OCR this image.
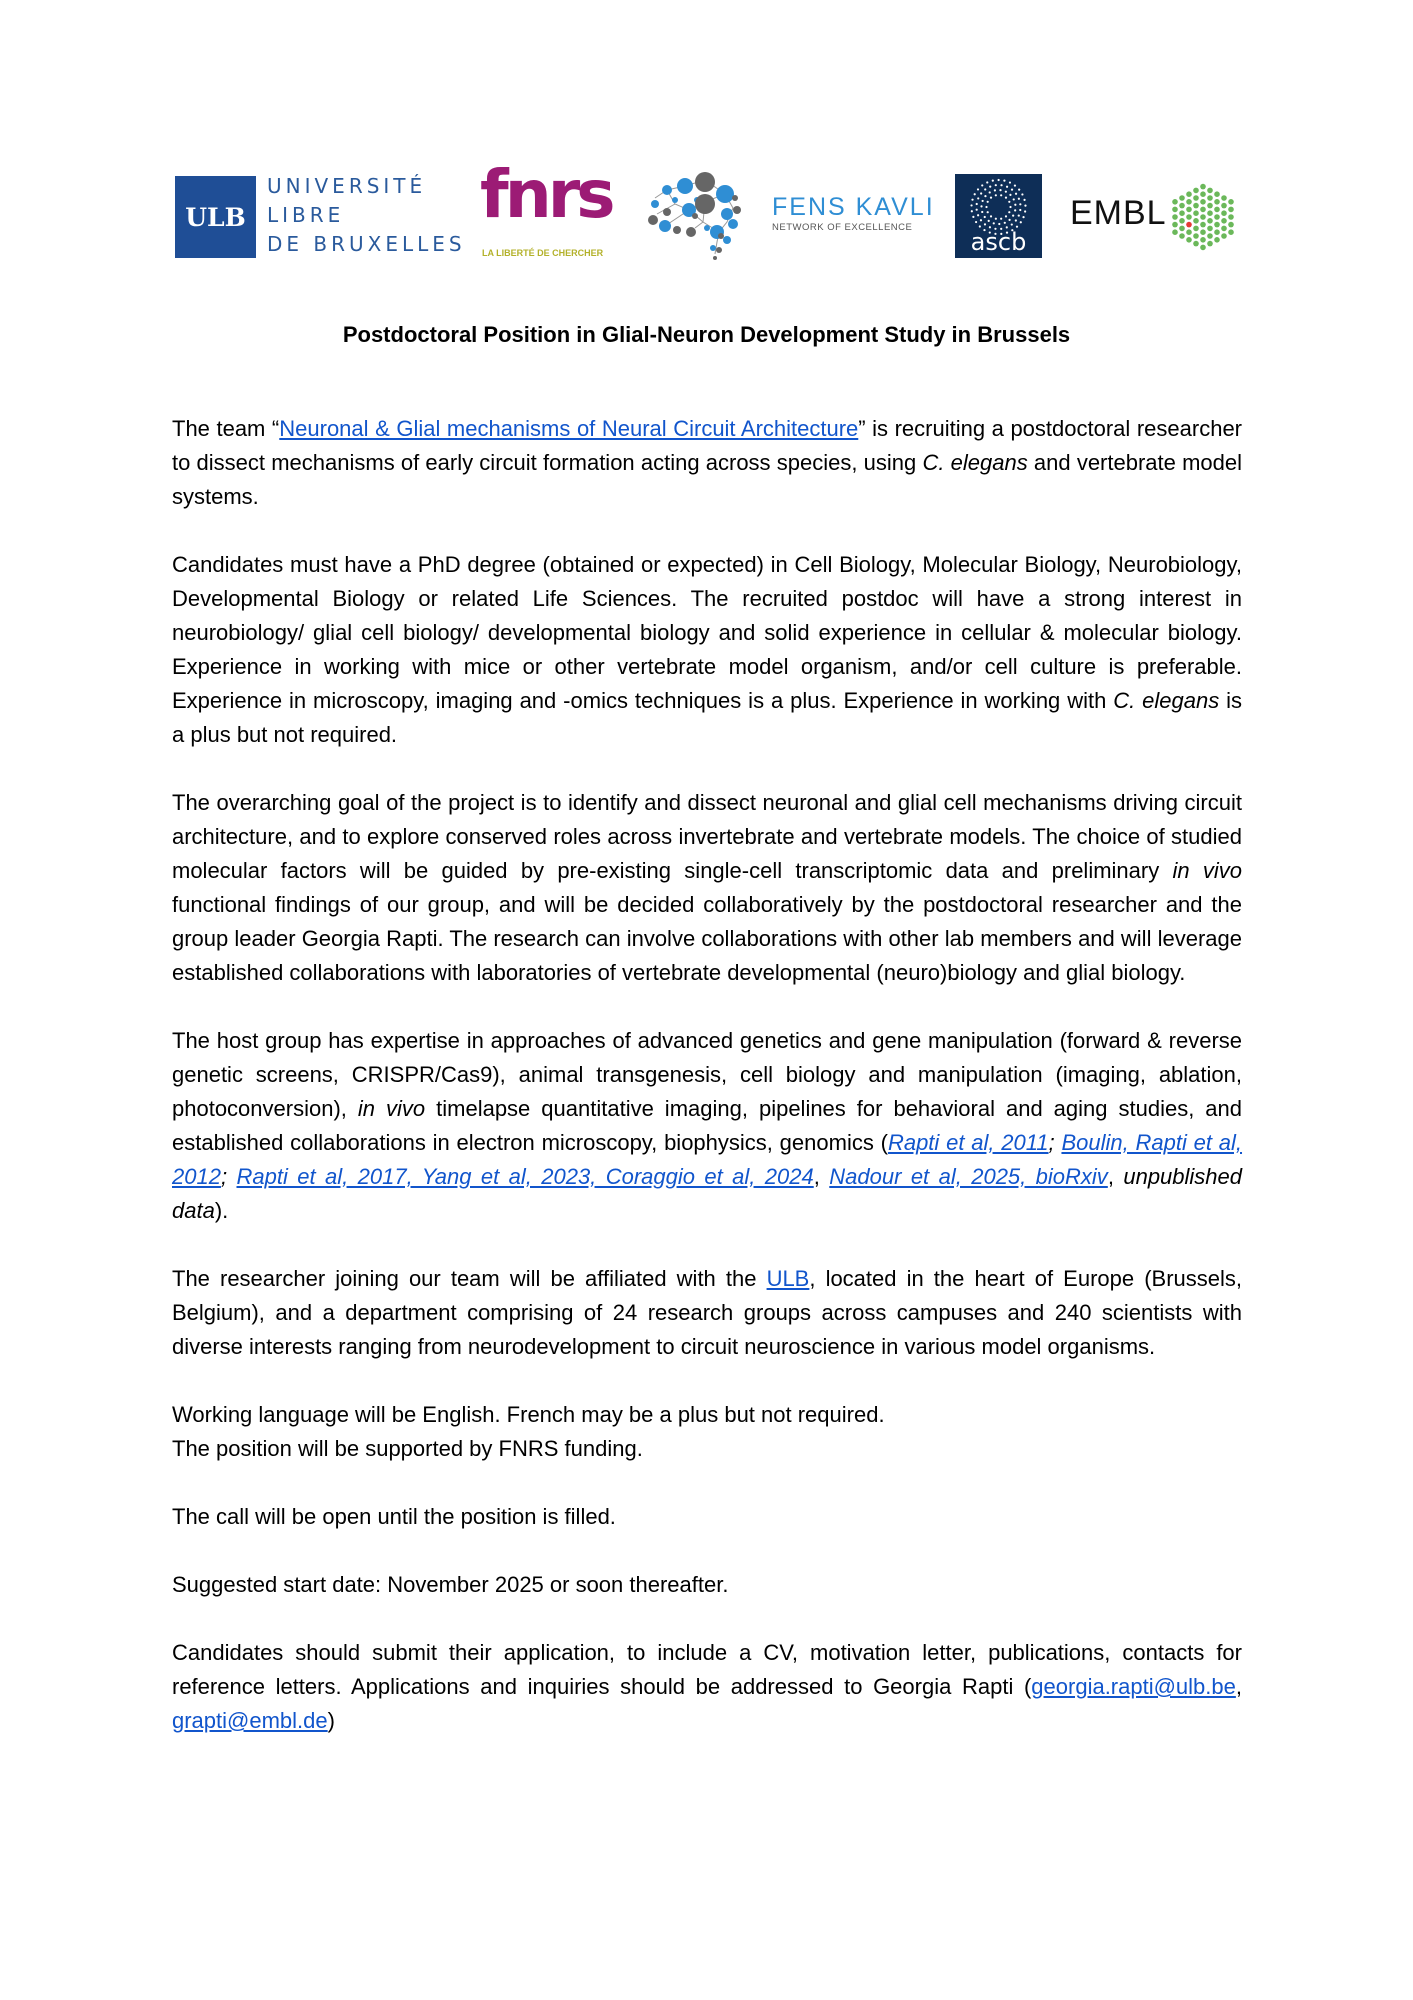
ULB
UNIVERSITÉ
LIBRE
DE BRUXELLES
fnrs
LA LIBERTÉ DE CHERCHER
FENS KAVLI
NETWORK OF EXCELLENCE
ascb
EMBL
Postdoctoral Position in Glial-Neuron Development Study in Brussels

The team “Neuronal & Glial mechanisms of Neural Circuit Architecture” is recruiting a postdoctoral researcher to dissect mechanisms of early circuit formation acting across species, using C. elegans and vertebrate model systems.

Candidates must have a PhD degree (obtained or expected) in Cell Biology, Molecular Biology, Neurobiology, Developmental Biology or related Life Sciences. The recruited postdoc will have a strong interest in neurobiology/ glial cell biology/ developmental biology and solid experience in cellular & molecular biology. Experience in working with mice or other vertebrate model organism, and/or cell culture is preferable. Experience in microscopy, imaging and -omics techniques is a plus. Experience in working with C. elegans is a plus but not required.

The overarching goal of the project is to identify and dissect neuronal and glial cell mechanisms driving circuit architecture, and to explore conserved roles across invertebrate and vertebrate models. The choice of studied molecular factors will be guided by pre-existing single-cell transcriptomic data and preliminary in vivo functional findings of our group, and will be decided collaboratively by the postdoctoral researcher and the group leader Georgia Rapti. The research can involve collaborations with other lab members and will leverage established collaborations with laboratories of vertebrate developmental (neuro)biology and glial biology.

The host group has expertise in approaches of advanced genetics and gene manipulation (forward & reverse genetic screens, CRISPR/Cas9), animal transgenesis, cell biology and manipulation (imaging, ablation, photoconversion), in vivo timelapse quantitative imaging, pipelines for behavioral and aging studies, and established collaborations in electron microscopy, biophysics, genomics (Rapti et al, 2011; Boulin, Rapti et al, 2012; Rapti et al, 2017, Yang et al, 2023, Coraggio et al, 2024, Nadour et al, 2025, bioRxiv, unpublished data).

The researcher joining our team will be affiliated with the ULB, located in the heart of Europe (Brussels, Belgium), and a department comprising of 24 research groups across campuses and 240 scientists with diverse interests ranging from neurodevelopment to circuit neuroscience in various model organisms.

Working language will be English. French may be a plus but not required.
The position will be supported by FNRS funding.

The call will be open until the position is filled.

Suggested start date: November 2025 or soon thereafter.

Candidates should submit their application, to include a CV, motivation letter, publications, contacts for reference letters. Applications and inquiries should be addressed to Georgia Rapti (georgia.rapti@ulb.be, grapti@embl.de)
